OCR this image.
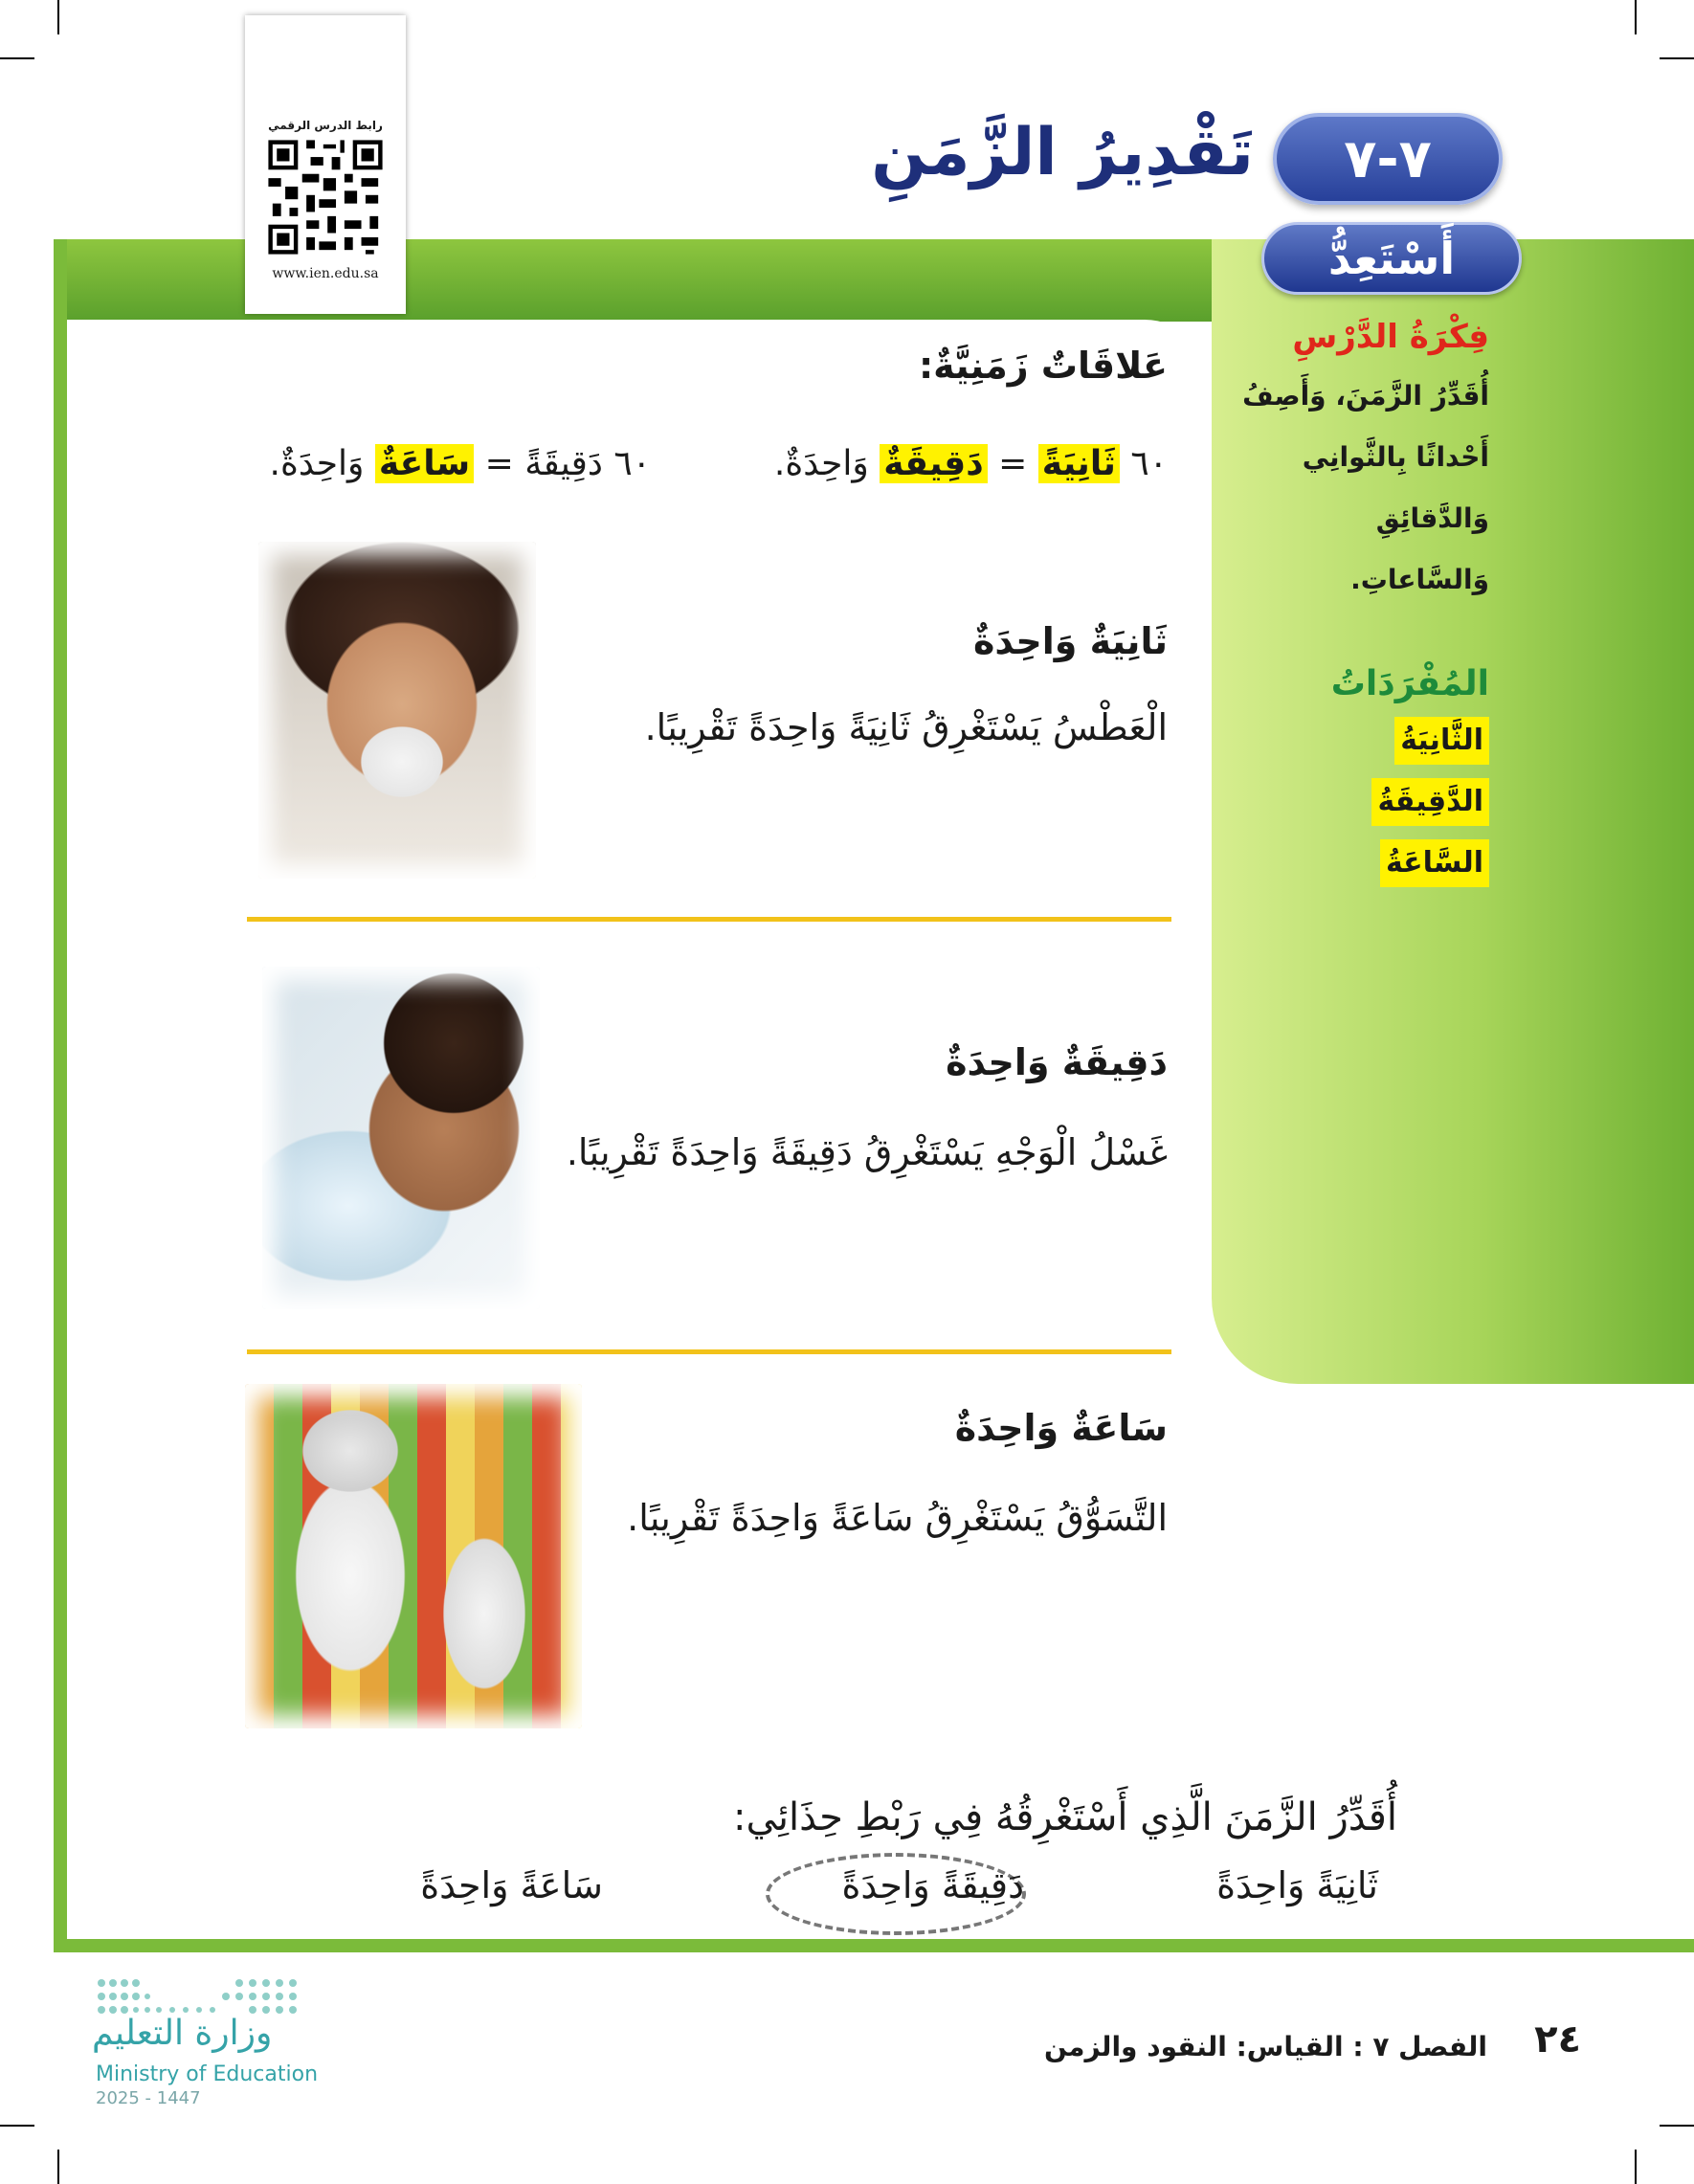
رابط الدرس الرقمي
www.ien.edu.sa
تَقْدِيرُ الزَّمَنِ	٧-٧
أَسْتَعِدُّ
فِكْرَةُ الدَّرْسِ
أُقَدِّرُ الزَّمَنَ، وَأَصِفُ
أَحْداثًا بِالثَّوانِي
وَالدَّقائِقِ وَالسَّاعاتِ.
المُفْرَدَاتُ
الثَّانِيَةُ
الدَّقِيقَةُ
السَّاعَةُ
عَلاقَاتٌ زَمَنِيَّةٌ:
٦٠ ثَانِيَةً = دَقِيقَةٌ وَاحِدَةٌ.
٦٠ دَقِيقَةً = سَاعَةٌ وَاحِدَةٌ.
ثَانِيَةٌ وَاحِدَةٌ
الْعَطْسُ يَسْتَغْرِقُ ثَانِيَةً وَاحِدَةً تَقْرِيبًا.
دَقِيقَةٌ وَاحِدَةٌ
غَسْلُ الْوَجْهِ يَسْتَغْرِقُ دَقِيقَةً وَاحِدَةً تَقْرِيبًا.
سَاعَةٌ وَاحِدَةٌ
التَّسَوُّقُ يَسْتَغْرِقُ سَاعَةً وَاحِدَةً تَقْرِيبًا.
أُقَدِّرُ الزَّمَنَ الَّذِي أَسْتَغْرِقُهُ فِي رَبْطِ حِذَائِي:
ثَانِيَةً وَاحِدَةً
دَقِيقَةً وَاحِدَةً
سَاعَةً وَاحِدَةً
وزارة التعليم
Ministry of Education
2025 - 1447
الفصل ٧ : القياس: النقود والزمن ٢٤
